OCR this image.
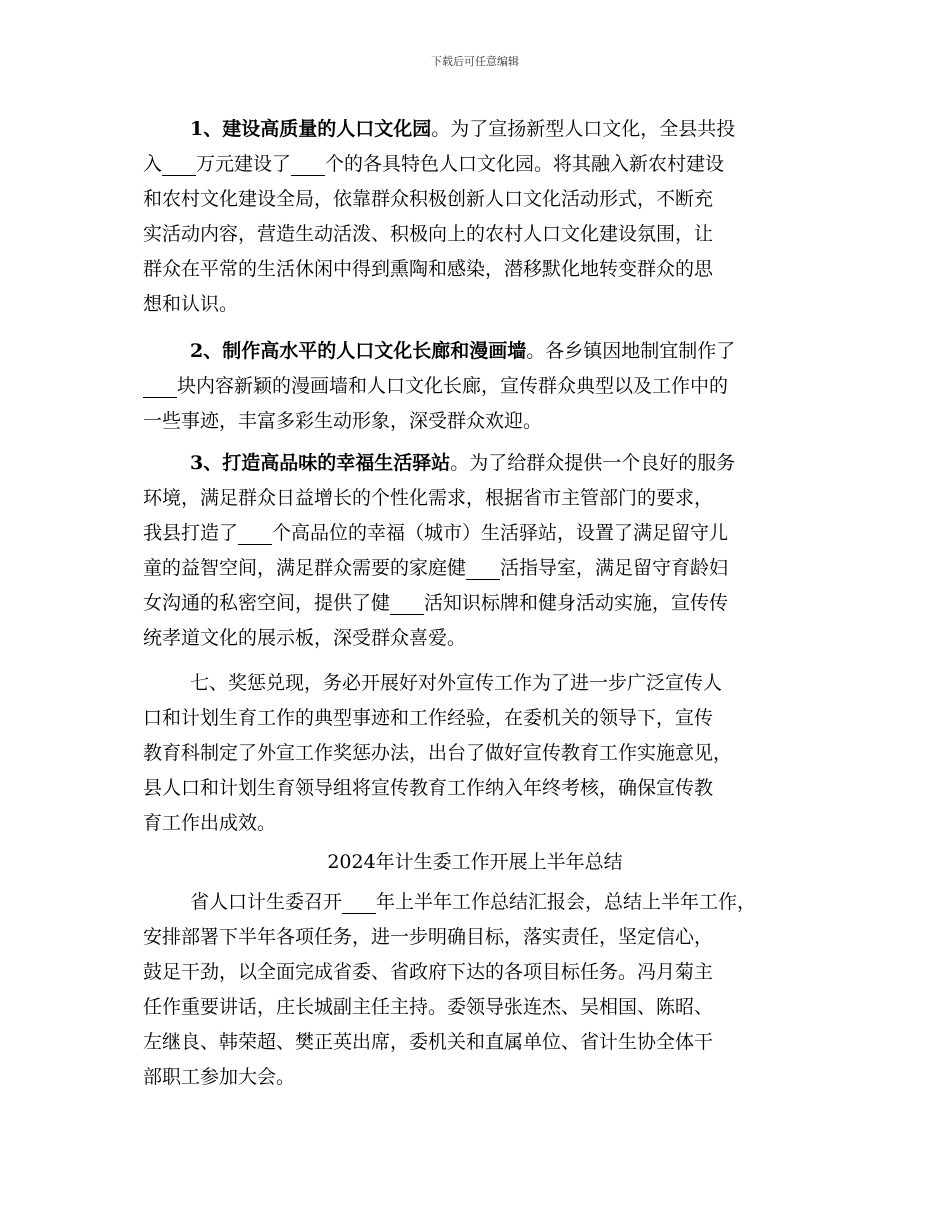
下载后可任意编辑
1、建设高质量的人口文化园。为了宣扬新型人口文化，全县共投
入 万元建设了 个的各具特色人口文化园。将其融入新农村建设
和农村文化建设全局，依靠群众积极创新人口文化活动形式，不断充
实活动内容，营造生动活泼、积极向上的农村人口文化建设氛围，让
群众在平常的生活休闲中得到熏陶和感染，潜移默化地转变群众的思
想和认识。
2、制作高水平的人口文化长廊和漫画墙。各乡镇因地制宜制作了
块内容新颖的漫画墙和人口文化长廊，宣传群众典型以及工作中的
一些事迹，丰富多彩生动形象，深受群众欢迎。
3、打造高品味的幸福生活驿站。为了给群众提供一个良好的服务
环境，满足群众日益增长的个性化需求，根据省市主管部门的要求，
我县打造了 个高品位的幸福（城市）生活驿站，设置了满足留守儿
童的益智空间，满足群众需要的家庭健 活指导室，满足留守育龄妇
女沟通的私密空间，提供了健 活知识标牌和健身活动实施，宣传传
统孝道文化的展示板，深受群众喜爱。
七、奖惩兑现，务必开展好对外宣传工作为了进一步广泛宣传人
口和计划生育工作的典型事迹和工作经验，在委机关的领导下，宣传
教育科制定了外宣工作奖惩办法，出台了做好宣传教育工作实施意见，
县人口和计划生育领导组将宣传教育工作纳入年终考核，确保宣传教
育工作出成效。
省人口计生委召开 年上半年工作总结汇报会，总结上半年工作，
安排部署下半年各项任务，进一步明确目标，落实责任，坚定信心，
鼓足干劲，以全面完成省委、省政府下达的各项目标任务。冯月菊主
任作重要讲话，庄长城副主任主持。委领导张连杰、吴相国、陈昭、
左继良、韩荣超、樊正英出席，委机关和直属单位、省计生协全体干
部职工参加大会。
2024年计生委工作开展上半年总结
